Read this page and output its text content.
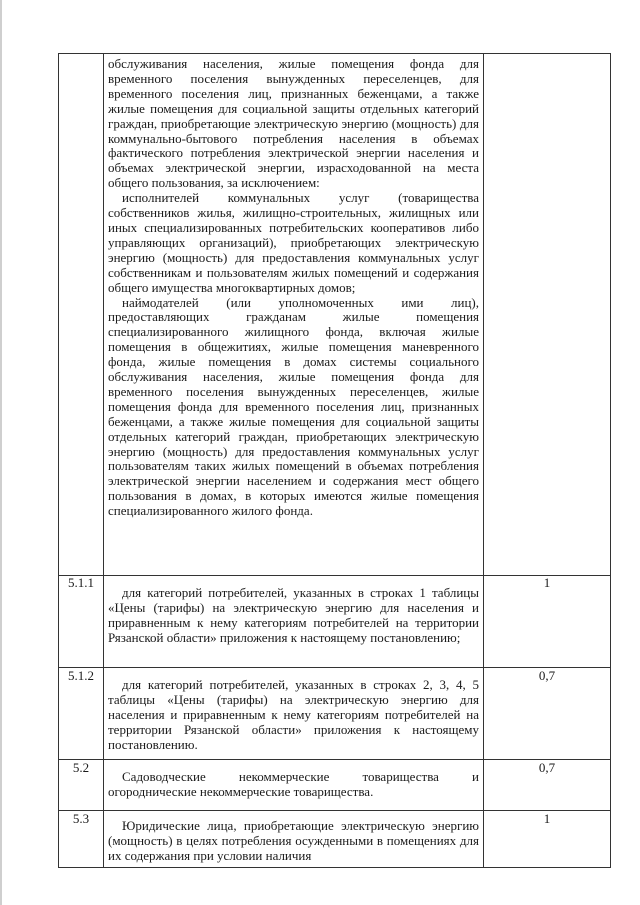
	обслуживания населения, жилые помещения фонда для временного поселения вынужденных переселенцев, для временного поселения лиц, признанных беженцами, а также жилые помещения для социальной защиты отдельных категорий граждан, приобретающие электрическую энергию (мощность) для коммунально-бытового потребления населения в объемах фактического потребления электрической энергии населения и объемах электрической энергии, израсходованной на места общего пользования, за исключением:

исполнителей коммунальных услуг (товарищества собственников жилья, жилищно-строительных, жилищных или иных специализированных потребительских кооперативов либо управляющих организаций), приобретающих электрическую энергию (мощность) для предоставления коммунальных услуг собственникам и пользователям жилых помещений и содержания общего имущества многоквартирных домов;

наймодателей (или уполномоченных ими лиц), предоставляющих гражданам жилые помещения специализированного жилищного фонда, включая жилые помещения в общежитиях, жилые помещения маневренного фонда, жилые помещения в домах системы социального обслуживания населения, жилые помещения фонда для временного поселения вынужденных переселенцев, жилые помещения фонда для временного поселения лиц, признанных беженцами, а также жилые помещения для социальной защиты отдельных категорий граждан, приобретающих электрическую энергию (мощность) для предоставления коммунальных услуг пользователям таких жилых помещений в объемах потребления электрической энергии населением и содержания мест общего пользования в домах, в которых имеются жилые помещения специализированного жилого фонда.	

5.1.1	для категорий потребителей, указанных в строках 1 таблицы «Цены (тарифы) на электрическую энергию для населения и приравненным к нему категориям потребителей на территории Рязанской области» приложения к настоящему постановлению;	1
5.1.2	для категорий потребителей, указанных в строках 2, 3, 4, 5 таблицы «Цены (тарифы) на электрическую энергию для населения и приравненным к нему категориям потребителей на территории Рязанской области» приложения к настоящему постановлению.	0,7
5.2	Садоводческие некоммерческие товарищества и огороднические некоммерческие товарищества.	0,7
5.3	Юридические лица, приобретающие электрическую энергию (мощность) в целях потребления осужденными в помещениях для их содержания при условии наличия	1
